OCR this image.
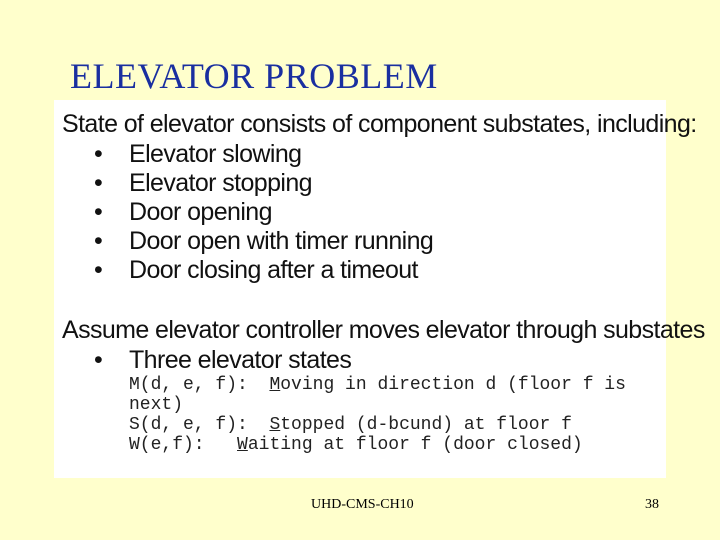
ELEVATOR PROBLEM
State of elevator consists of component substates, including:
• Elevator slowing
• Elevator stopping
• Door opening
• Door open with timer running
• Door closing after a timeout
Assume elevator controller moves elevator through substates
• Three elevator states
M(d, e, f):  Moving in direction d (floor f is
next)
S(d, e, f):  Stopped (d-bcund) at floor f
W(e,f):   Waiting at floor f (door closed)
UHD-CMS-CH10	38
